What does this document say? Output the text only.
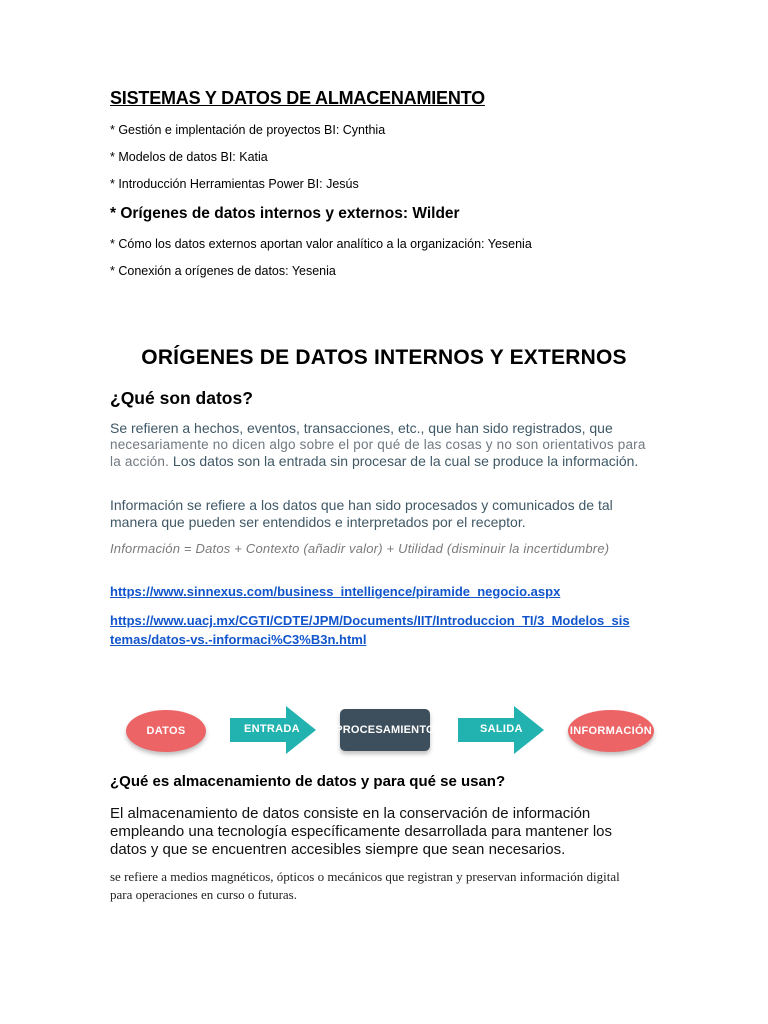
SISTEMAS Y DATOS DE ALMACENAMIENTO
* Gestión e implentación de proyectos BI: Cynthia
* Modelos de datos BI: Katia
* Introducción Herramientas Power BI: Jesús
* Orígenes de datos internos y externos: Wilder
* Cómo los datos externos aportan valor analítico a la organización: Yesenia
* Conexión a orígenes de datos: Yesenia
ORÍGENES DE DATOS INTERNOS Y EXTERNOS
¿Qué son datos?
Se refieren a hechos, eventos, transacciones, etc., que han sido registrados, que necesariamente no dicen algo sobre el por qué de las cosas y no son orientativos para la acción. Los datos son la entrada sin procesar de la cual se produce la información.
Información se refiere a los datos que han sido procesados y comunicados de tal manera que pueden ser entendidos e interpretados por el receptor.
Información = Datos + Contexto (añadir valor) + Utilidad (disminuir la incertidumbre)
https://www.sinnexus.com/business_intelligence/piramide_negocio.aspx
https://www.uacj.mx/CGTI/CDTE/JPM/Documents/IIT/Introduccion_TI/3_Modelos_sistemas/datos-vs.-informaci%C3%B3n.html
DATOS	ENTRADA	PROCESAMIENTO	SALIDA	INFORMACIÓN
¿Qué es almacenamiento de datos y para qué se usan?
El almacenamiento de datos consiste en la conservación de información empleando una tecnología específicamente desarrollada para mantener los datos y que se encuentren accesibles siempre que sean necesarios.
se refiere a medios magnéticos, ópticos o mecánicos que registran y preservan información digital para operaciones en curso o futuras.
